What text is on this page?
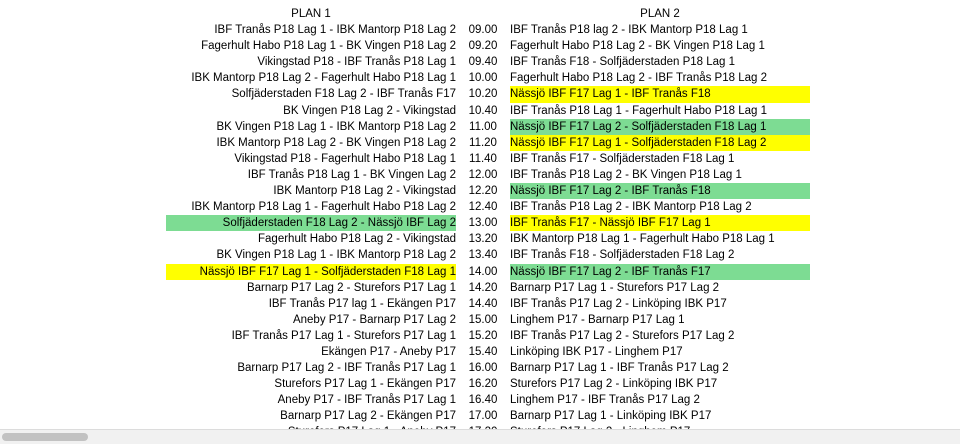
	PLAN 1		PLAN 2
	IBF Tranås P18 Lag 1 - IBK Mantorp P18 Lag 2	09.00	IBF Tranås P18 lag 2 - IBK Mantorp P18 Lag 1
	Fagerhult Habo P18 Lag 1 - BK Vingen P18 Lag 2	09.20	Fagerhult Habo P18 Lag 2 - BK Vingen P18 Lag 1
	Vikingstad P18 - IBF Tranås P18 Lag 1	09.40	IBF Tranås F18 - Solfjäderstaden P18 Lag 1
	IBK Mantorp P18 Lag 2 - Fagerhult Habo P18 Lag 1	10.00	Fagerhult Habo P18 Lag 2 - IBF Tranås P18 Lag 2
	Solfjäderstaden F18 Lag 2 - IBF Tranås F17	10.20	Nässjö IBF F17 Lag 1 - IBF Tranås F18
	BK Vingen P18 Lag 2 - Vikingstad	10.40	IBF Tranås P18 Lag 1 - Fagerhult Habo P18 Lag 1
	BK Vingen P18 Lag 1 - IBK Mantorp P18 Lag 2	11.00	Nässjö IBF F17 Lag 2 - Solfjäderstaden F18 Lag 1
	IBK Mantorp P18 Lag 2 - BK Vingen P18 Lag 2	11.20	Nässjö IBF F17 Lag 1 - Solfjäderstaden F18 Lag 2
	Vikingstad P18 - Fagerhult Habo P18 Lag 1	11.40	IBF Tranås F17 - Solfjäderstaden F18 Lag 1
	IBF Tranås P18 Lag 1 - BK Vingen Lag 2	12.00	IBF Tranås P18 Lag 2 - BK Vingen P18 Lag 1
	IBK Mantorp P18 Lag 2 - Vikingstad	12.20	Nässjö IBF F17 Lag 2 - IBF Tranås F18
	IBK Mantorp P18 Lag 1 - Fagerhult Habo P18 Lag 2	12.40	IBF Tranås P18 Lag 2 - IBK Mantorp P18 Lag 2
	Solfjäderstaden F18 Lag 2 - Nässjö IBF Lag 2	13.00	IBF Tranås F17 - Nässjö IBF F17 Lag 1
	Fagerhult Habo P18 Lag 2 - Vikingstad	13.20	IBK Mantorp P18 Lag 1 - Fagerhult Habo P18 Lag 1
	BK Vingen P18 Lag 1 - IBK Mantorp P18 Lag 2	13.40	IBF Tranås F18 - Solfjäderstaden F18 Lag 2
	Nässjö IBF F17 Lag 1 - Solfjäderstaden F18 Lag 1	14.00	Nässjö IBF F17 Lag 2 - IBF Tranås F17
	Barnarp P17 Lag 2 - Sturefors P17 Lag 1	14.20	Barnarp P17 Lag 1 - Sturefors P17 Lag 2
	IBF Tranås P17 lag 1 - Ekängen P17	14.40	IBF Tranås P17 Lag 2 - Linköping IBK P17
	Aneby P17 - Barnarp P17 Lag 2	15.00	Linghem P17 - Barnarp P17 Lag 1
	IBF Tranås P17 Lag 1 - Sturefors P17 Lag 1	15.20	IBF Tranås P17 Lag 2 - Sturefors P17 Lag 2
	Ekängen P17 - Aneby P17	15.40	Linköping IBK P17 - Linghem P17
	Barnarp P17 Lag 2 - IBF Tranås P17 Lag 1	16.00	Barnarp P17 Lag 1 - IBF Tranås P17 Lag 2
	Sturefors P17 Lag 1 - Ekängen P17	16.20	Sturefors P17 Lag 2 - Linköping IBK P17
	Aneby P17 - IBF Tranås P17 Lag 1	16.40	Linghem P17 - IBF Tranås P17 Lag 2
	Barnarp P17 Lag 2 - Ekängen P17	17.00	Barnarp P17 Lag 1 - Linköping IBK P17
